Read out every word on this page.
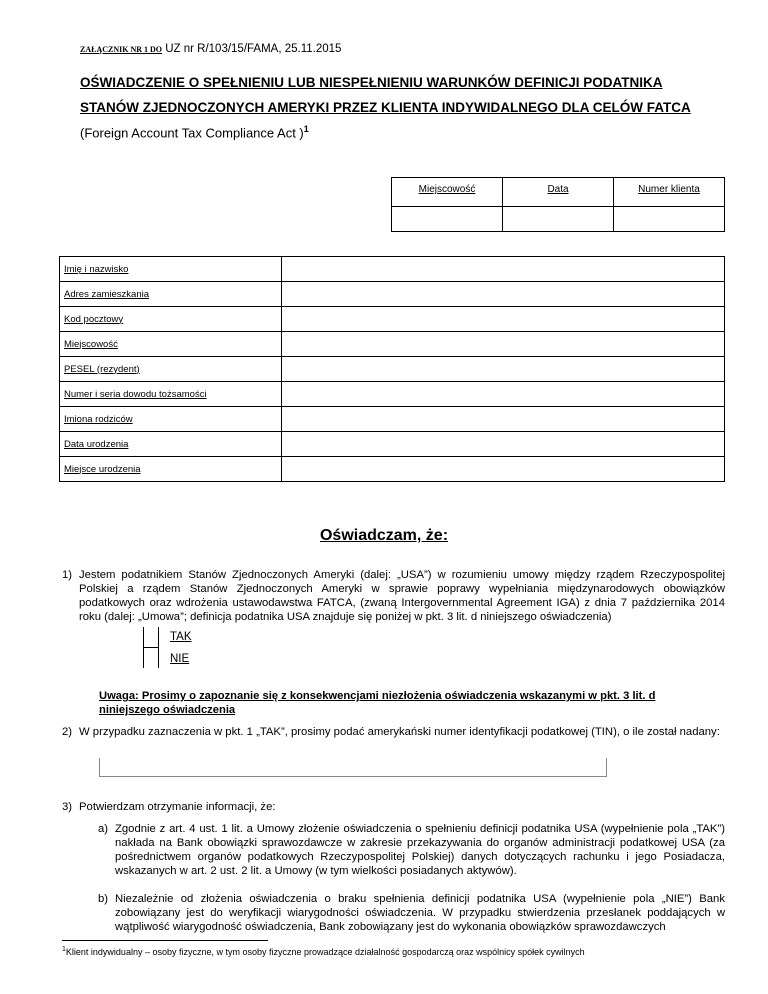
ZAŁĄCZNIK NR 1 DO UZ nr R/103/15/FAMA, 25.11.2015
OŚWIADCZENIE O SPEŁNIENIU LUB NIESPEŁNIENIU WARUNKÓW DEFINICJI PODATNIKA
STANÓW ZJEDNOCZONYCH AMERYKI PRZEZ KLIENTA INDYWIDALNEGO DLA CELÓW FATCA
(Foreign Account Tax Compliance Act )$^1$
Miejscowość	Data	Numer klienta

Imię i nazwisko	
Adres zamieszkania	
Kod pocztowy	
Miejscowość	
PESEL (rezydent)	
Numer i seria dowodu tożsamości	
Imiona rodziców	
Data urodzenia	
Miejsce urodzenia	
Oświadczam, że:
1) Jestem podatnikiem Stanów Zjednoczonych Ameryki (dalej: „USA”) w rozumieniu umowy między rządem Rzeczypospolitej Polskiej a rządem Stanów Zjednoczonych Ameryki w sprawie poprawy wypełniania międzynarodowych obowiązków podatkowych oraz wdrożenia ustawodawstwa FATCA, (zwaną Intergovernmental Agreement IGA) z dnia 7 października 2014 roku (dalej: „Umowa”; definicja podatnika USA znajduje się poniżej w pkt. 3 lit. d niniejszego oświadczenia)
TAK
NIE
Uwaga: Prosimy o zapoznanie się z konsekwencjami niezłożenia oświadczenia wskazanymi w pkt. 3 lit. d niniejszego oświadczenia
2) W przypadku zaznaczenia w pkt. 1 „TAK”, prosimy podać amerykański numer identyfikacji podatkowej (TIN), o ile został nadany:
3) Potwierdzam otrzymanie informacji, że:
a) Zgodnie z art. 4 ust. 1 lit. a Umowy złożenie oświadczenia o spełnieniu definicji podatnika USA (wypełnienie pola „TAK”) nakłada na Bank obowiązki sprawozdawcze w zakresie przekazywania do organów administracji podatkowej USA (za pośrednictwem organów podatkowych Rzeczypospolitej Polskiej) danych dotyczących rachunku i jego Posiadacza, wskazanych w art. 2 ust. 2 lit. a Umowy (w tym wielkości posiadanych aktywów).
b) Niezależnie od złożenia oświadczenia o braku spełnienia definicji podatnika USA (wypełnienie pola „NIE”) Bank zobowiązany jest do weryfikacji wiarygodności oświadczenia. W przypadku stwierdzenia przesłanek poddających w wątpliwość wiarygodność oświadczenia, Bank zobowiązany jest do wykonania obowiązków sprawozdawczych
$^1$Klient indywidualny – osoby fizyczne, w tym osoby fizyczne prowadzące działalność gospodarczą oraz wspólnicy spółek cywilnych
